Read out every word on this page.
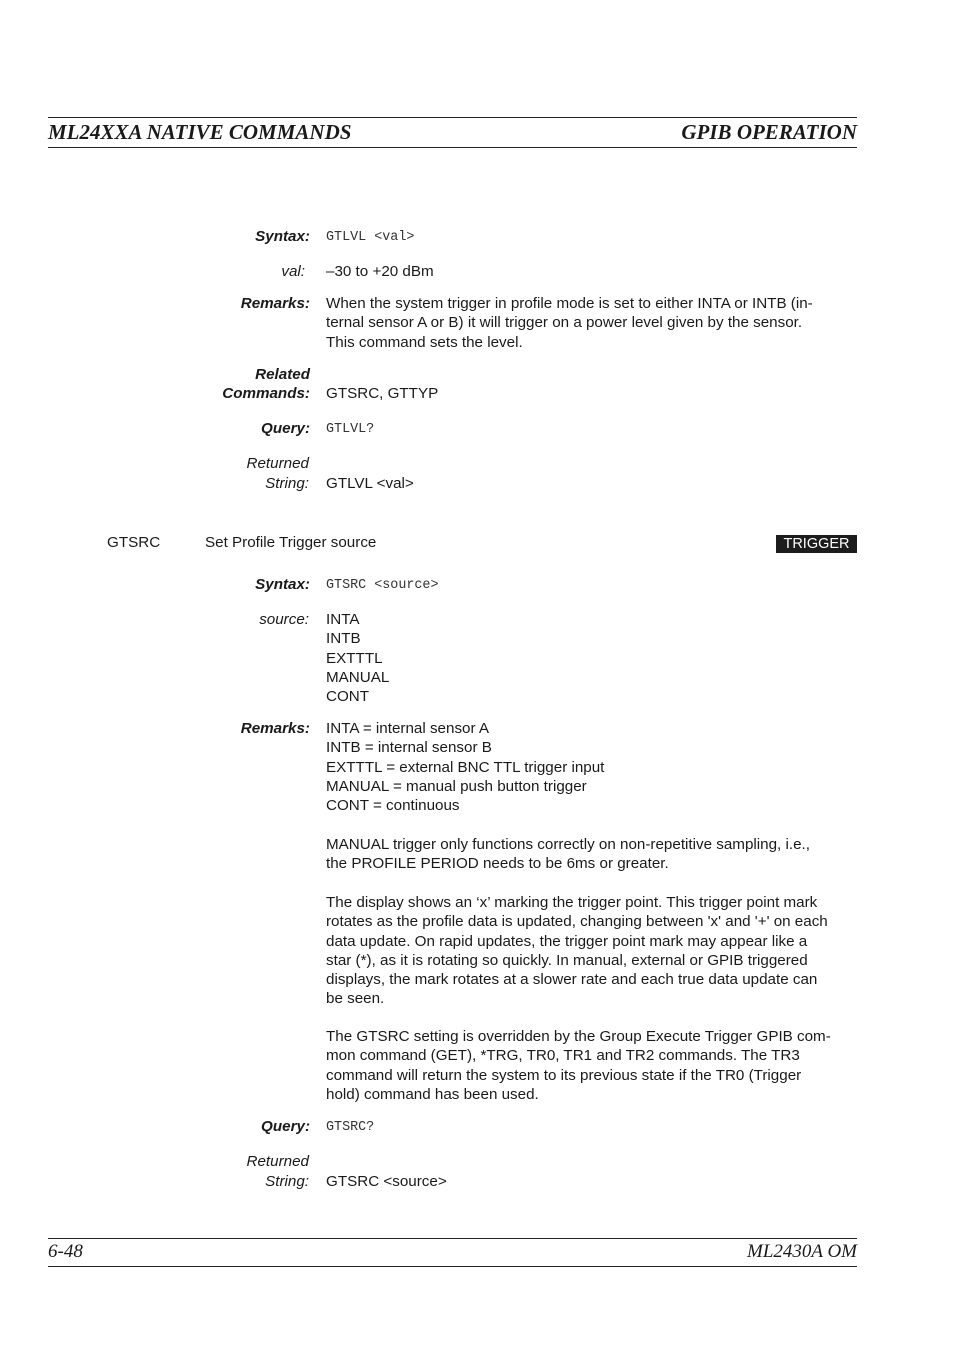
ML24XXA NATIVE COMMANDS	GPIB OPERATION
Syntax: GTLVL <val>
val: –30 to +20 dBm
Remarks: When the system trigger in profile mode is set to either INTA or INTB (in-
ternal sensor A or B) it will trigger on a power level given by the sensor.
This command sets the level.
Related
Commands: GTSRC, GTTYP
Query: GTLVL?
Returned
String: GTLVL <val>
GTSRC	Set Profile Trigger source	TRIGGER
Syntax: GTSRC <source>
source: INTA
INTB
EXTTTL
MANUAL
CONT
Remarks: INTA = internal sensor A
INTB = internal sensor B
EXTTTL = external BNC TTL trigger input
MANUAL = manual push button trigger
CONT = continuous
MANUAL trigger only functions correctly on non-repetitive sampling, i.e.,
the PROFILE PERIOD needs to be 6ms or greater.
The display shows an ‘x’ marking the trigger point. This trigger point mark
rotates as the profile data is updated, changing between 'x' and '+' on each
data update. On rapid updates, the trigger point mark may appear like a
star (*), as it is rotating so quickly. In manual, external or GPIB triggered
displays, the mark rotates at a slower rate and each true data update can
be seen.
The GTSRC setting is overridden by the Group Execute Trigger GPIB com-
mon command (GET), *TRG, TR0, TR1 and TR2 commands. The TR3
command will return the system to its previous state if the TR0 (Trigger
hold) command has been used.
Query: GTSRC?
Returned
String: GTSRC <source>
6-48	ML2430A OM
